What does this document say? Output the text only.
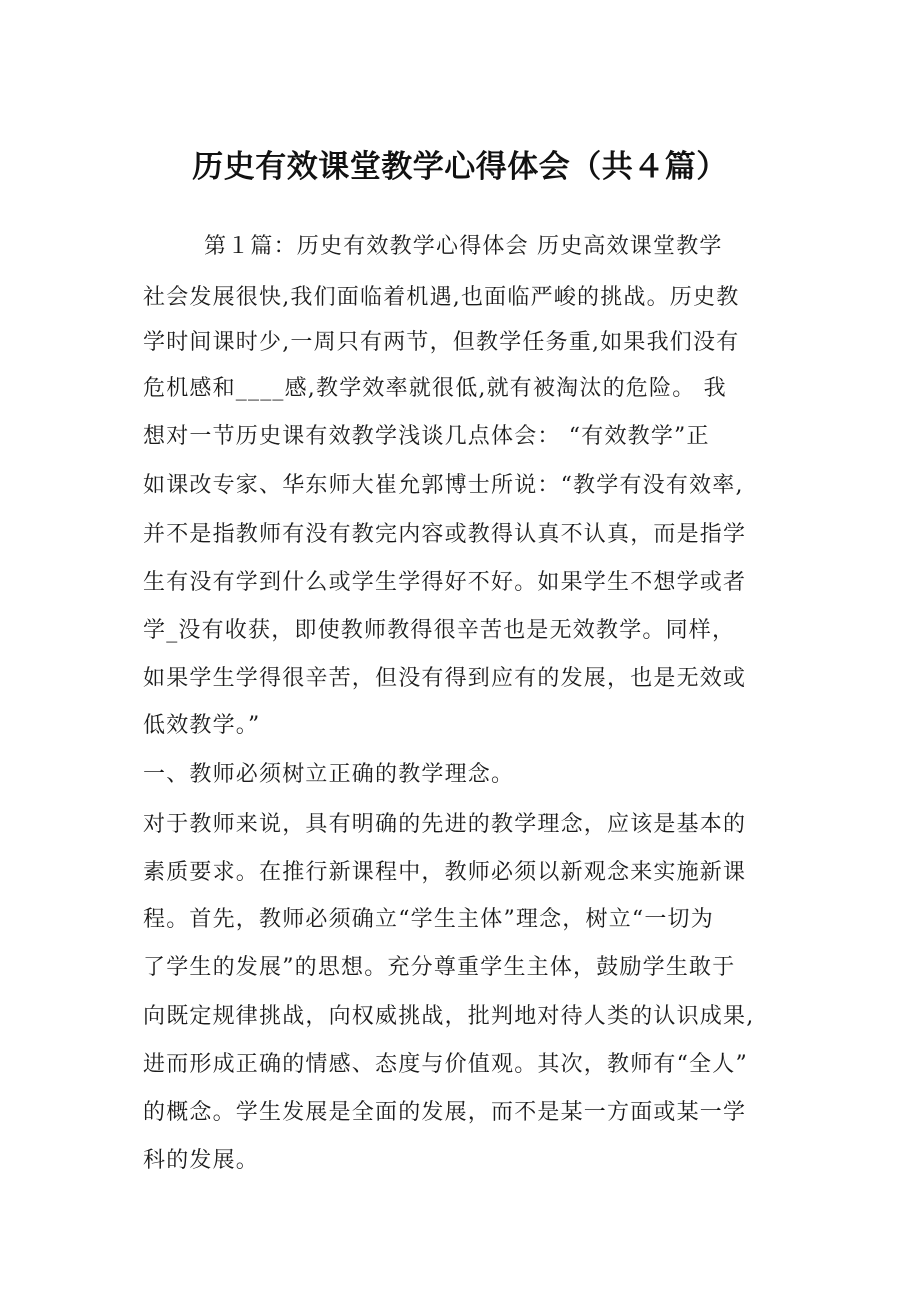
历史有效课堂教学心得体会（共４篇）
第１篇：历史有效教学心得体会 历史高效课堂教学
社会发展很快,我们面临着机遇,也面临严峻的挑战。历史教
学时间课时少,一周只有两节，但教学任务重,如果我们没有
危机感和____感,教学效率就很低,就有被淘汰的危险。 我
想对一节历史课有效教学浅谈几点体会： “有效教学”正
如课改专家、华东师大崔允郭博士所说：“教学有没有效率,
并不是指教师有没有教完内容或教得认真不认真，而是指学
生有没有学到什么或学生学得好不好。如果学生不想学或者
学_没有收获，即使教师教得很辛苦也是无效教学。同样，
如果学生学得很辛苦，但没有得到应有的发展，也是无效或
低效教学。”
一、教师必须树立正确的教学理念。
对于教师来说，具有明确的先进的教学理念，应该是基本的
素质要求。在推行新课程中，教师必须以新观念来实施新课
程。首先，教师必须确立“学生主体”理念，树立“一切为
了学生的发展”的思想。充分尊重学生主体，鼓励学生敢于
向既定规律挑战，向权威挑战，批判地对待人类的认识成果,
进而形成正确的情感、态度与价值观。其次，教师有“全人”
的概念。学生发展是全面的发展，而不是某一方面或某一学
科的发展。
